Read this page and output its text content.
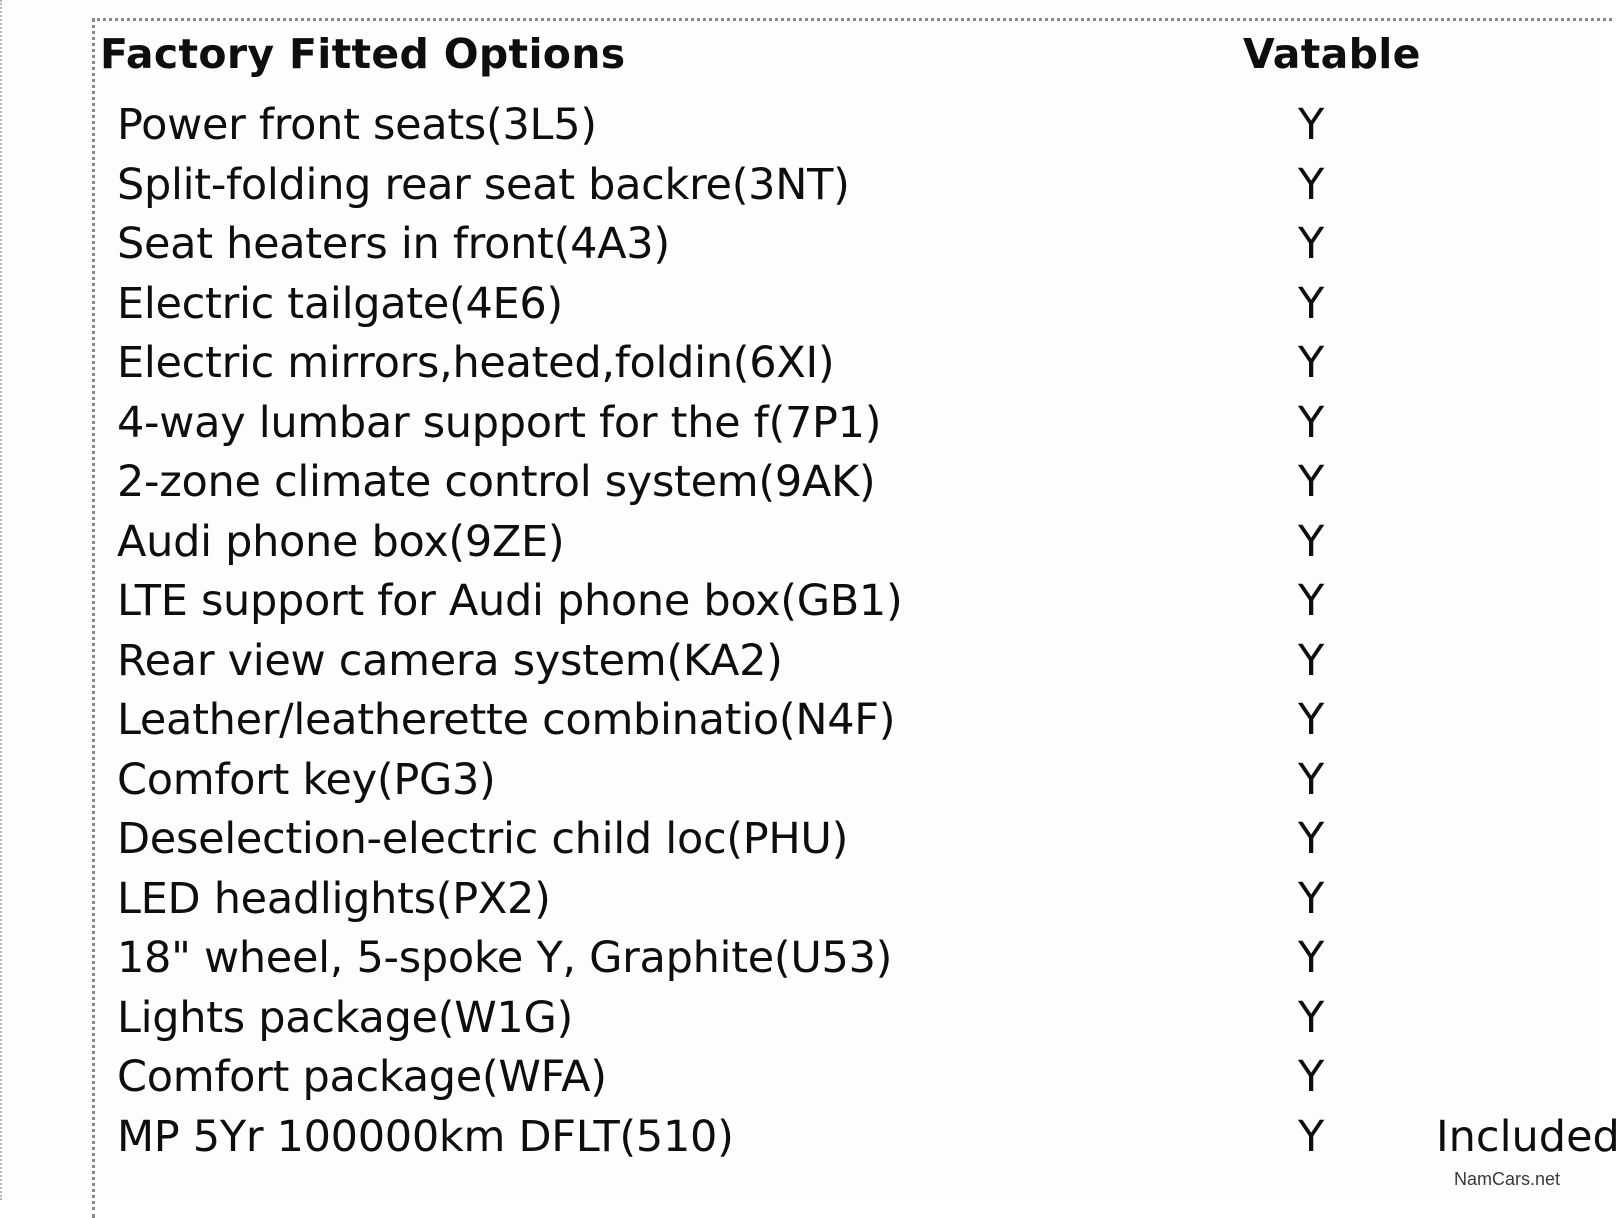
Factory Fitted Options	Vatable
Power front seats(3L5)	Y
Split-folding rear seat backre(3NT)	Y
Seat heaters in front(4A3)	Y
Electric tailgate(4E6)	Y
Electric mirrors,heated,foldin(6XI)	Y
4-way lumbar support for the f(7P1)	Y
2-zone climate control system(9AK)	Y
Audi phone box(9ZE)	Y
LTE support for Audi phone box(GB1)	Y
Rear view camera system(KA2)	Y
Leather/leatherette combinatio(N4F)	Y
Comfort key(PG3)	Y
Deselection-electric child loc(PHU)	Y
LED headlights(PX2)	Y
18" wheel, 5-spoke Y, Graphite(U53)	Y
Lights package(W1G)	Y
Comfort package(WFA)	Y
MP 5Yr 100000km DFLT(510)	Y	Included
NamCars.net
